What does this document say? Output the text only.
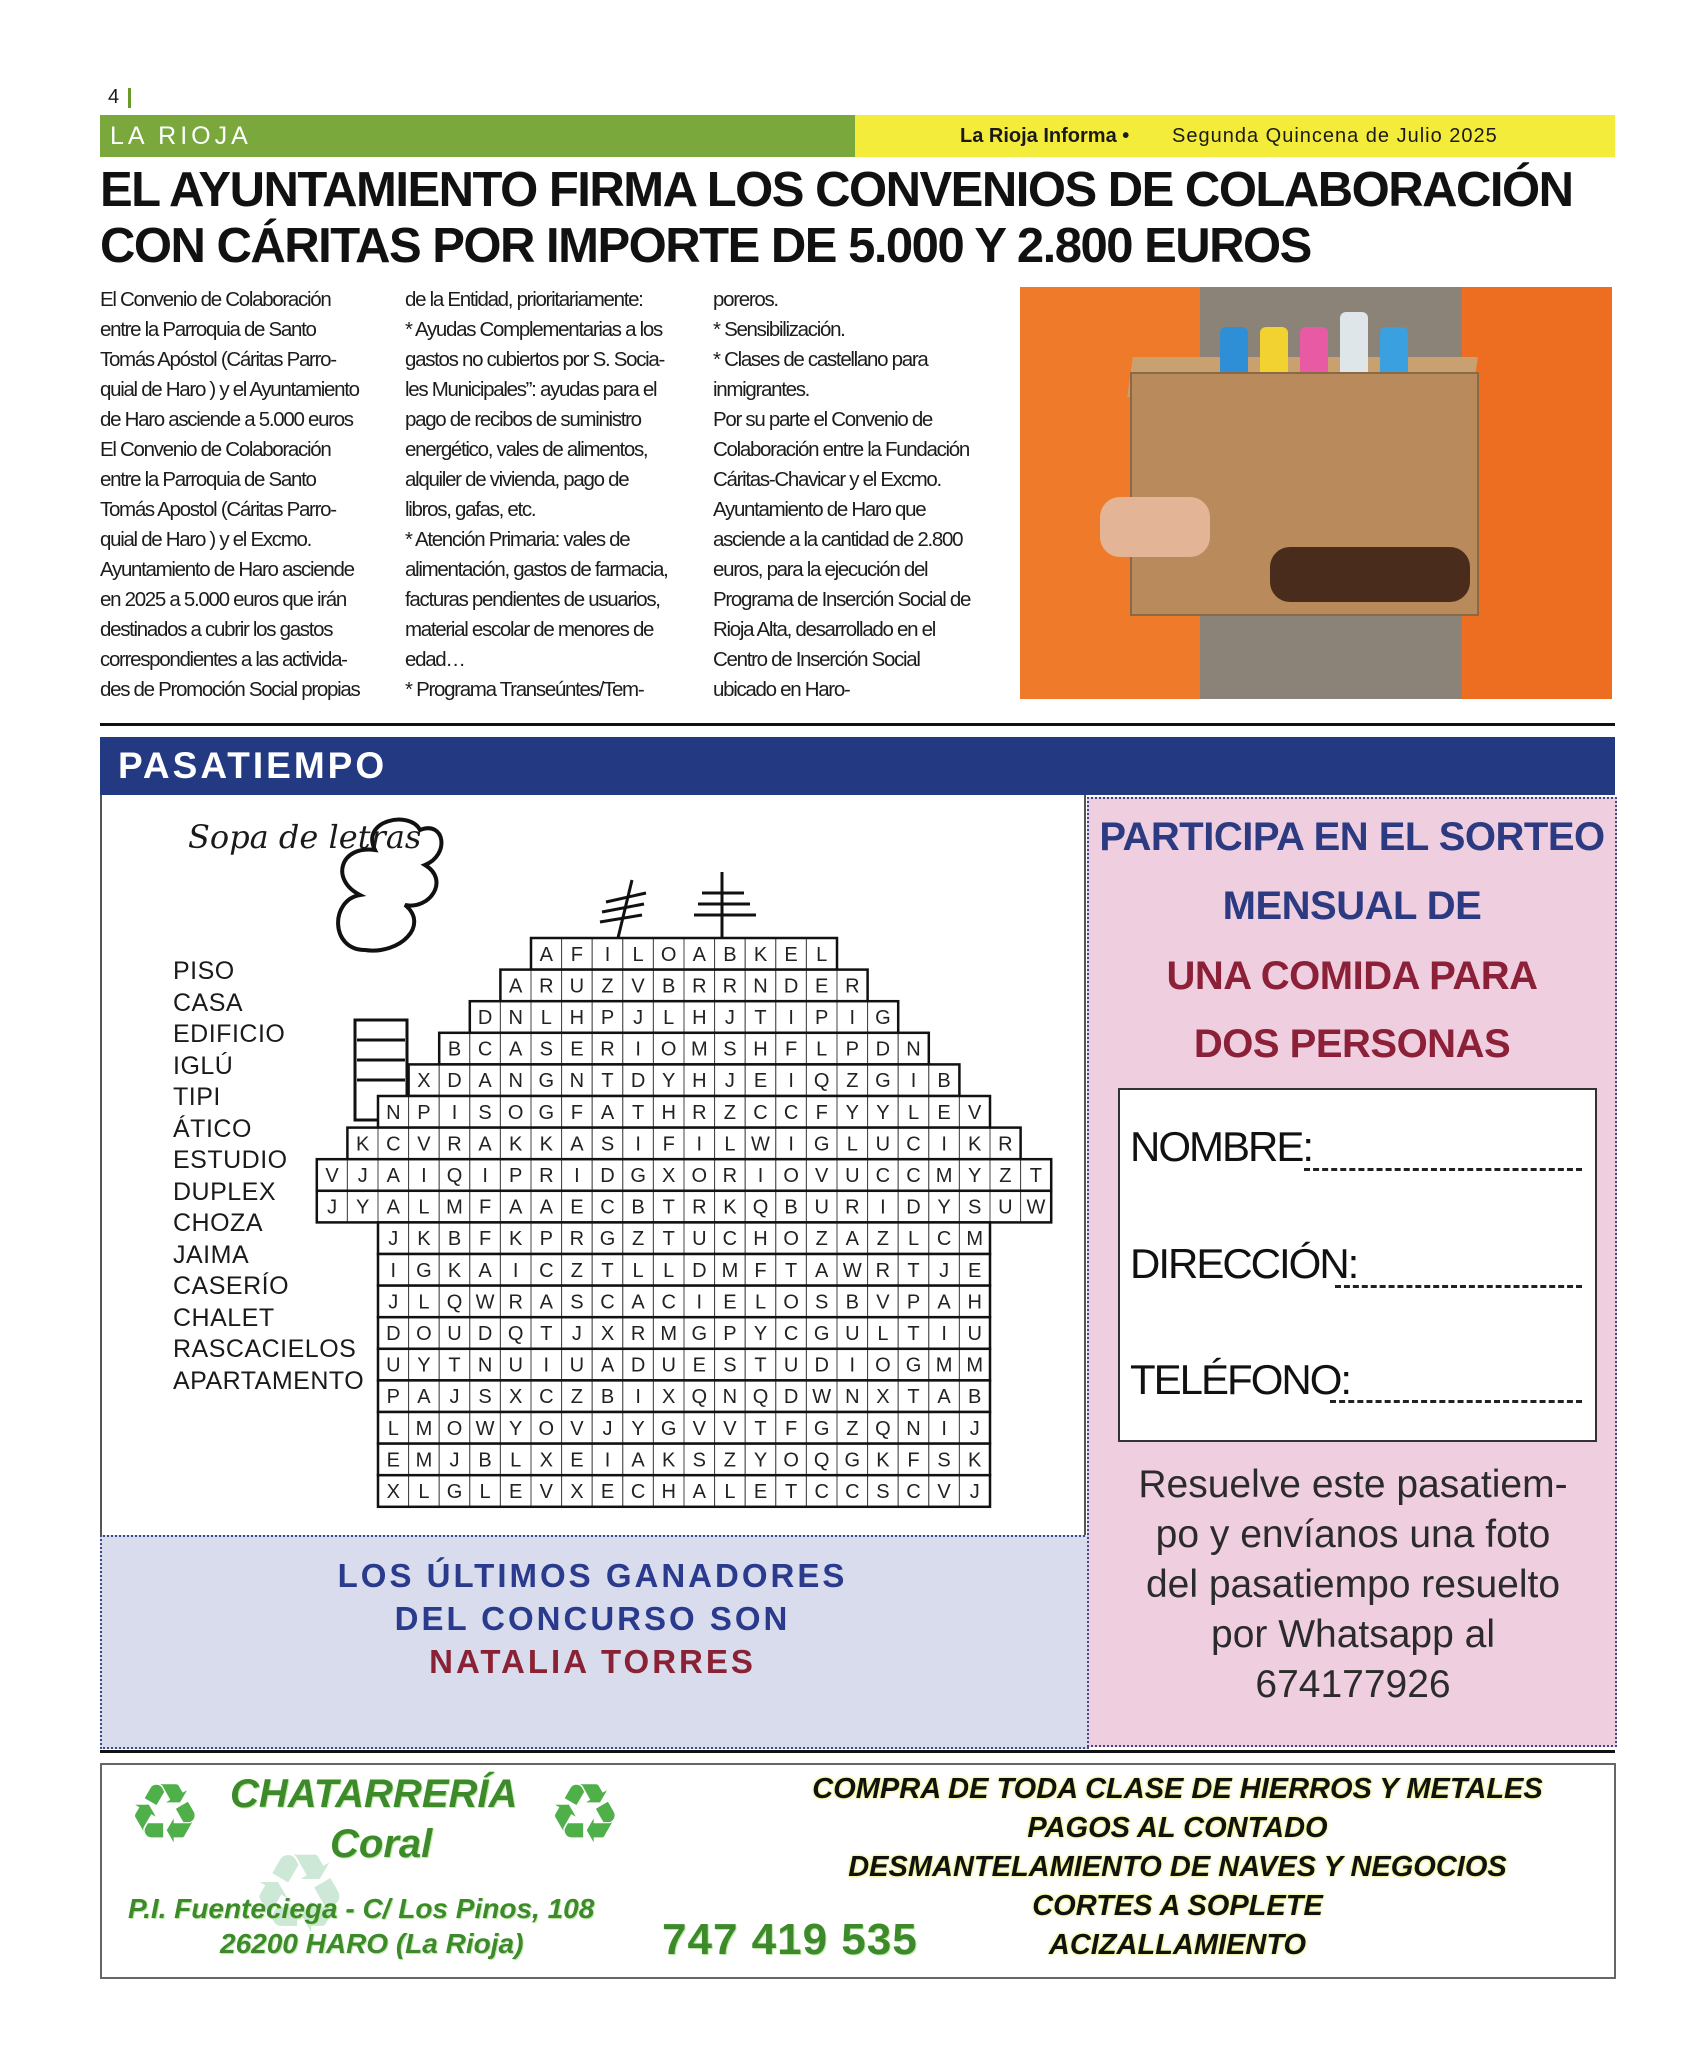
4
LA RIOJA	La Rioja Informa • Segunda Quincena de Julio 2025
EL AYUNTAMIENTO FIRMA LOS CONVENIOS DE COLABORACIÓN CON CÁRITAS POR IMPORTE DE 5.000 Y 2.800 EUROS
El Convenio de Colaboración
entre la Parroquia de Santo
Tomás Apóstol (Cáritas Parro-
quial de Haro ) y el Ayuntamiento
de Haro asciende a 5.000 euros
El Convenio de Colaboración
entre la Parroquia de Santo
Tomás Apostol (Cáritas Parro-
quial de Haro ) y el Excmo.
Ayuntamiento de Haro asciende
en 2025 a 5.000 euros que irán
destinados a cubrir los gastos
correspondientes a las activida-
des de Promoción Social propias
de la Entidad, prioritariamente:
* Ayudas Complementarias a los
gastos no cubiertos por S. Socia-
les Municipales”: ayudas para el
pago de recibos de suministro
energético, vales de alimentos,
alquiler de vivienda, pago de
libros, gafas, etc.
* Atención Primaria: vales de
alimentación, gastos de farmacia,
facturas pendientes de usuarios,
material escolar de menores de
edad…
* Programa Transeúntes/Tem-
poreros.
* Sensibilización.
* Clases de castellano para
inmigrantes.
Por su parte el Convenio de
Colaboración entre la Fundación
Cáritas-Chavicar y el Excmo.
Ayuntamiento de Haro que
asciende a la cantidad de 2.800
euros, para la ejecución del
Programa de Inserción Social de
Rioja Alta, desarrollado en el
Centro de Inserción Social
ubicado en Haro-
PASATIEMPO
Sopa de letras
PISO
CASA
EDIFICIO
IGLÚ
TIPI
ÁTICO
ESTUDIO
DUPLEX
CHOZA
JAIMA
CASERÍO
CHALET
RASCACIELOS
APARTAMENTO
A F I L O A B K E L
A R U Z V B R R N D E R
D N L H P J L H J T I P I G
B C A S E R I O M S H F L P D N
X D A N G N T D Y H J E I Q Z G I B
N P I S O G F A T H R Z C C F Y Y L E V
K C V R A K K A S I F I L W I G L U C I K R
V J A I Q I P R I D G X O R I O V U C C M Y Z T
J Y A L M F A A E C B T R K Q B U R I D Y S U W
J K B F K P R G Z T U C H O Z A Z L C M
I G K A I C Z T L L D M F T A W R T J E
J L Q W R A S C A C I E L O S B V P A H
D O U D Q T J X R M G P Y C G U L T I U
U Y T N U I U A D U E S T U D I O G M M
P A J S X C Z B I X Q N Q D W N X T A B
L M O W Y O V J Y G V V T F G Z Q N I J
E M J B L X E I A K S Z Y O Q G K F S K
X L G L E V X E C H A L E T C C S C V J
LOS ÚLTIMOS GANADORES
DEL CONCURSO SON
NATALIA TORRES
PARTICIPA EN EL SORTEO
MENSUAL DE
UNA COMIDA PARA
DOS PERSONAS
NOMBRE:
DIRECCIÓN:
TELÉFONO:
Resuelve este pasatiem-
po y envíanos una foto
del pasatiempo resuelto
por Whatsapp al
674177926
♻	♻
♻
CHATARRERÍA
Coral
P.I. Fuenteciega - C/ Los Pinos, 108
26200 HARO (La Rioja)	747 419 535
COMPRA DE TODA CLASE DE HIERROS Y METALES
PAGOS AL CONTADO
DESMANTELAMIENTO DE NAVES Y NEGOCIOS
CORTES A SOPLETE
ACIZALLAMIENTO
